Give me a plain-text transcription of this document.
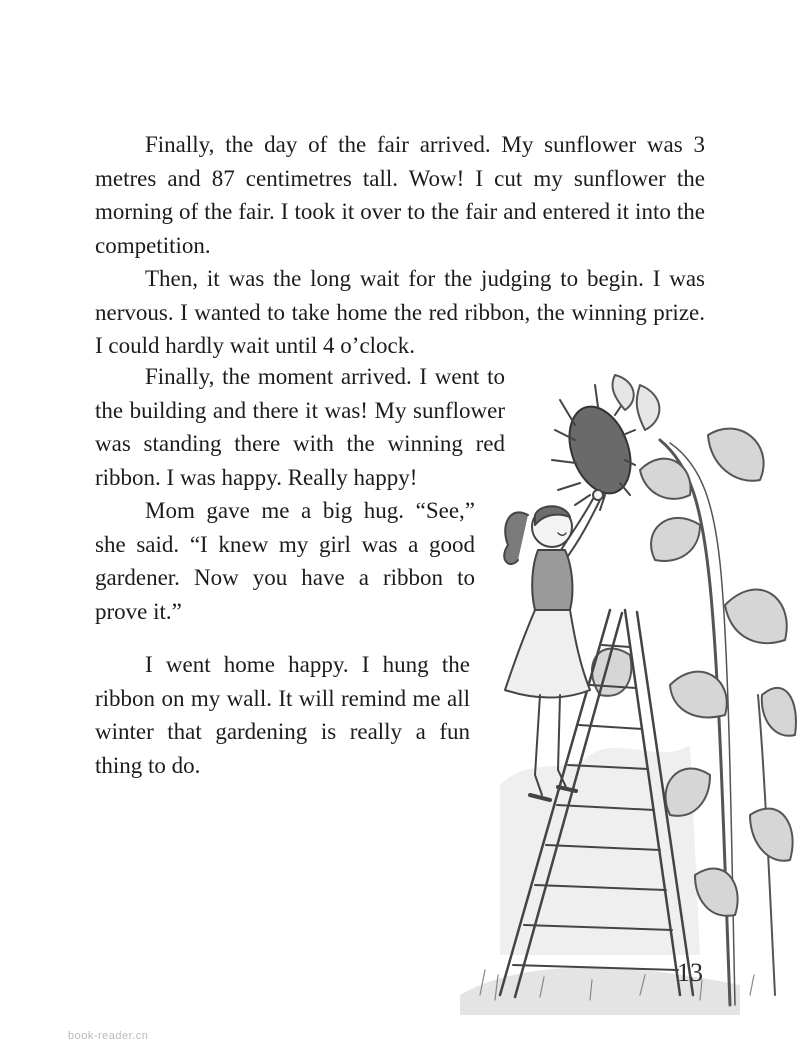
Finally, the day of the fair arrived. My sunflower was 3 metres and 87 centimetres tall. Wow! I cut my sunflower the morning of the fair. I took it over to the fair and entered it into the competition.

Then, it was the long wait for the judging to begin. I was nervous. I wanted to take home the red ribbon, the winning prize. I could hardly wait until 4 o’clock.

Finally, the moment arrived. I went to the building and there it was! My sunflower was standing there with the winning red ribbon. I was happy. Really happy!

Mom gave me a big hug. “See,” she said. “I knew my girl was a good gardener. Now you have a ribbon to prove it.”

I went home happy. I hung the ribbon on my wall. It will remind me all winter that gardening is really a fun thing to do.

13
book-reader.cn
